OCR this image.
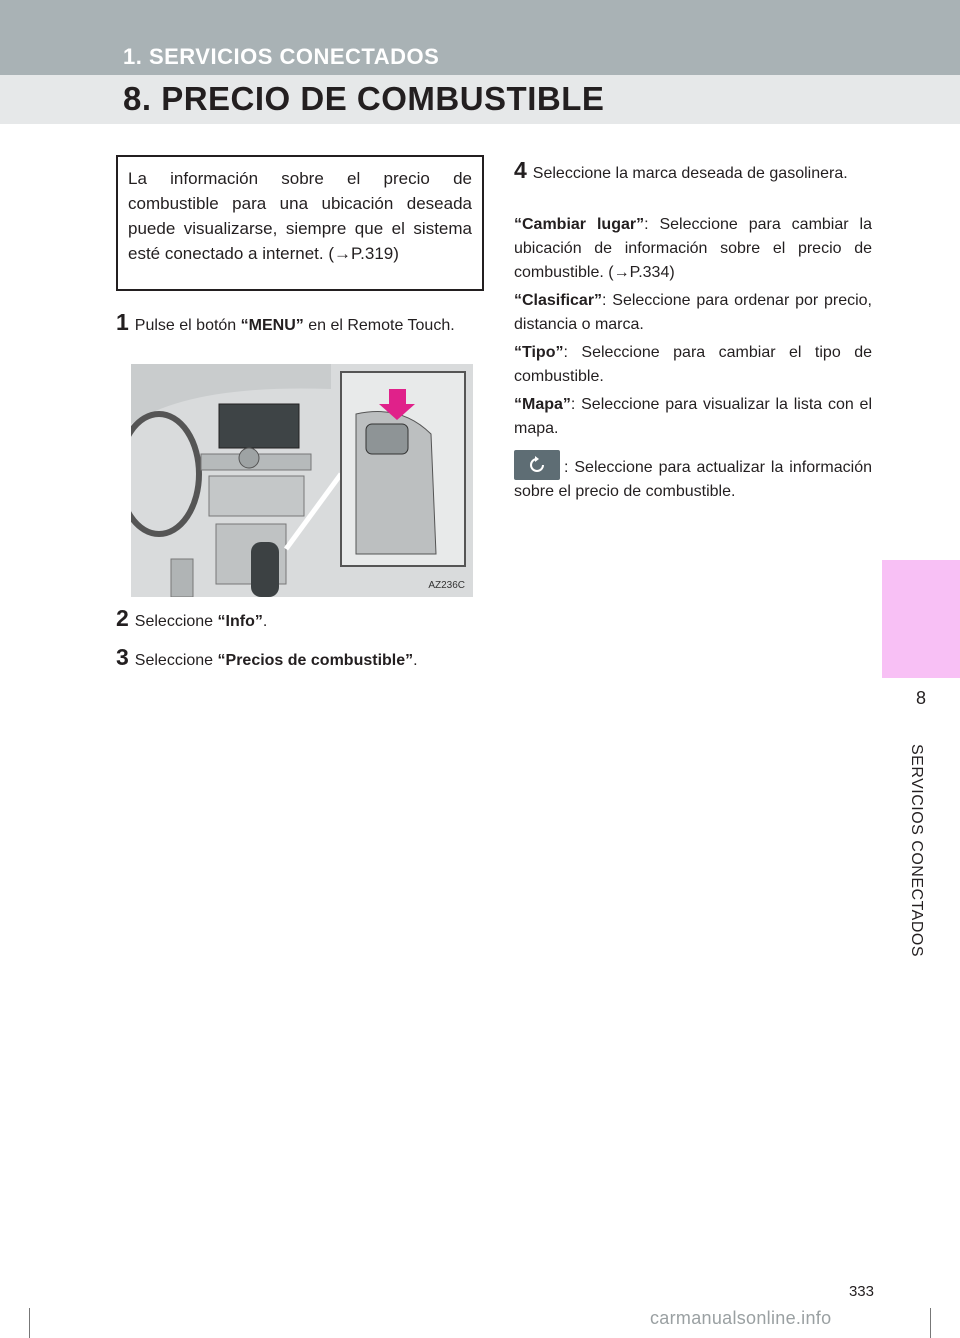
1. SERVICIOS CONECTADOS
8. PRECIO DE COMBUSTIBLE
8
SERVICIOS CONECTADOS
La información sobre el precio de combustible para una ubicación deseada puede visualizarse, siempre que el sistema esté conectado a internet. (→P.319)
1 Pulse el botón “MENU” en el Remote Touch.
AZ236C
2 Seleccione “Info”.
3 Seleccione “Precios de combustible”.
4 Seleccione la marca deseada de gasolinera.
“Cambiar lugar”: Seleccione para cambiar la ubicación de información sobre el precio de combustible. (→P.334)
“Clasificar”: Seleccione para ordenar por precio, distancia o marca.
“Tipo”: Seleccione para cambiar el tipo de combustible.
“Mapa”: Seleccione para visualizar la lista con el mapa.
: Seleccione para actualizar la información sobre el precio de combustible.
333
carmanualsonline.info
